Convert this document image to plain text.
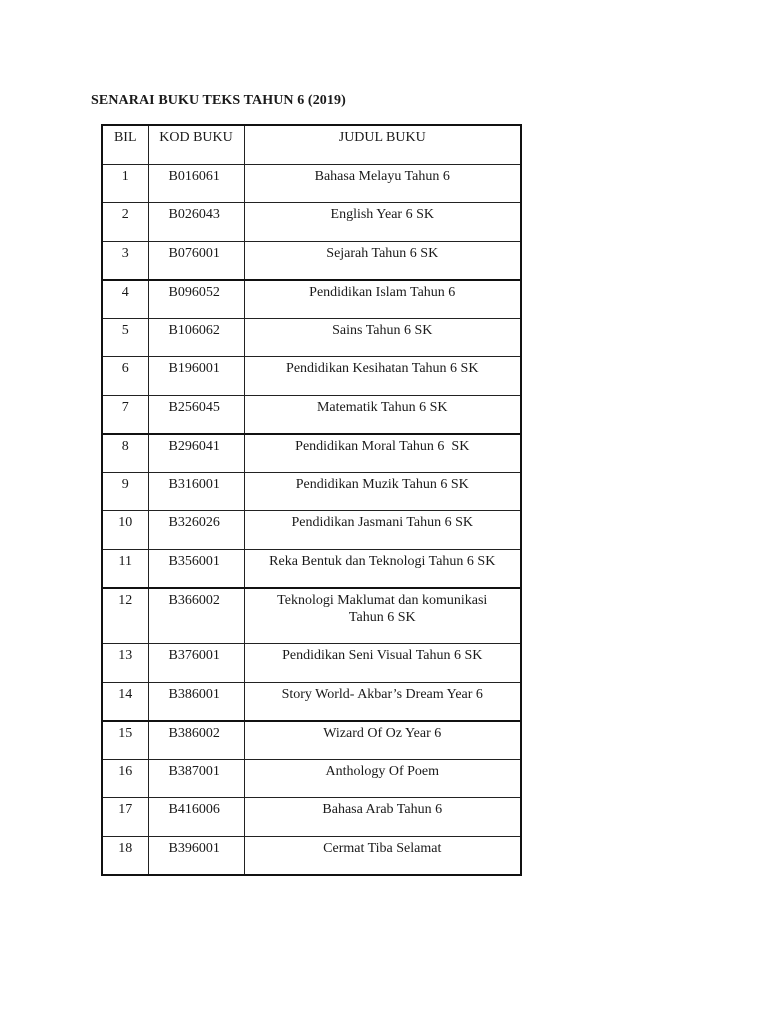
SENARAI BUKU TEKS TAHUN 6 (2019)
BIL	KOD BUKU	JUDUL BUKU
1	B016061	Bahasa Melayu Tahun 6
2	B026043	English Year 6 SK
3	B076001	Sejarah Tahun 6 SK
4	B096052	Pendidikan Islam Tahun 6
5	B106062	Sains Tahun 6 SK
6	B196001	Pendidikan Kesihatan Tahun 6 SK
7	B256045	Matematik Tahun 6 SK
8	B296041	Pendidikan Moral Tahun 6  SK
9	B316001	Pendidikan Muzik Tahun 6 SK
10	B326026	Pendidikan Jasmani Tahun 6 SK
11	B356001	Reka Bentuk dan Teknologi Tahun 6 SK
12	B366002	Teknologi Maklumat dan komunikasi Tahun 6 SK
13	B376001	Pendidikan Seni Visual Tahun 6 SK
14	B386001	Story World- Akbar’s Dream Year 6
15	B386002	Wizard Of Oz Year 6
16	B387001	Anthology Of Poem
17	B416006	Bahasa Arab Tahun 6
18	B396001	Cermat Tiba Selamat
